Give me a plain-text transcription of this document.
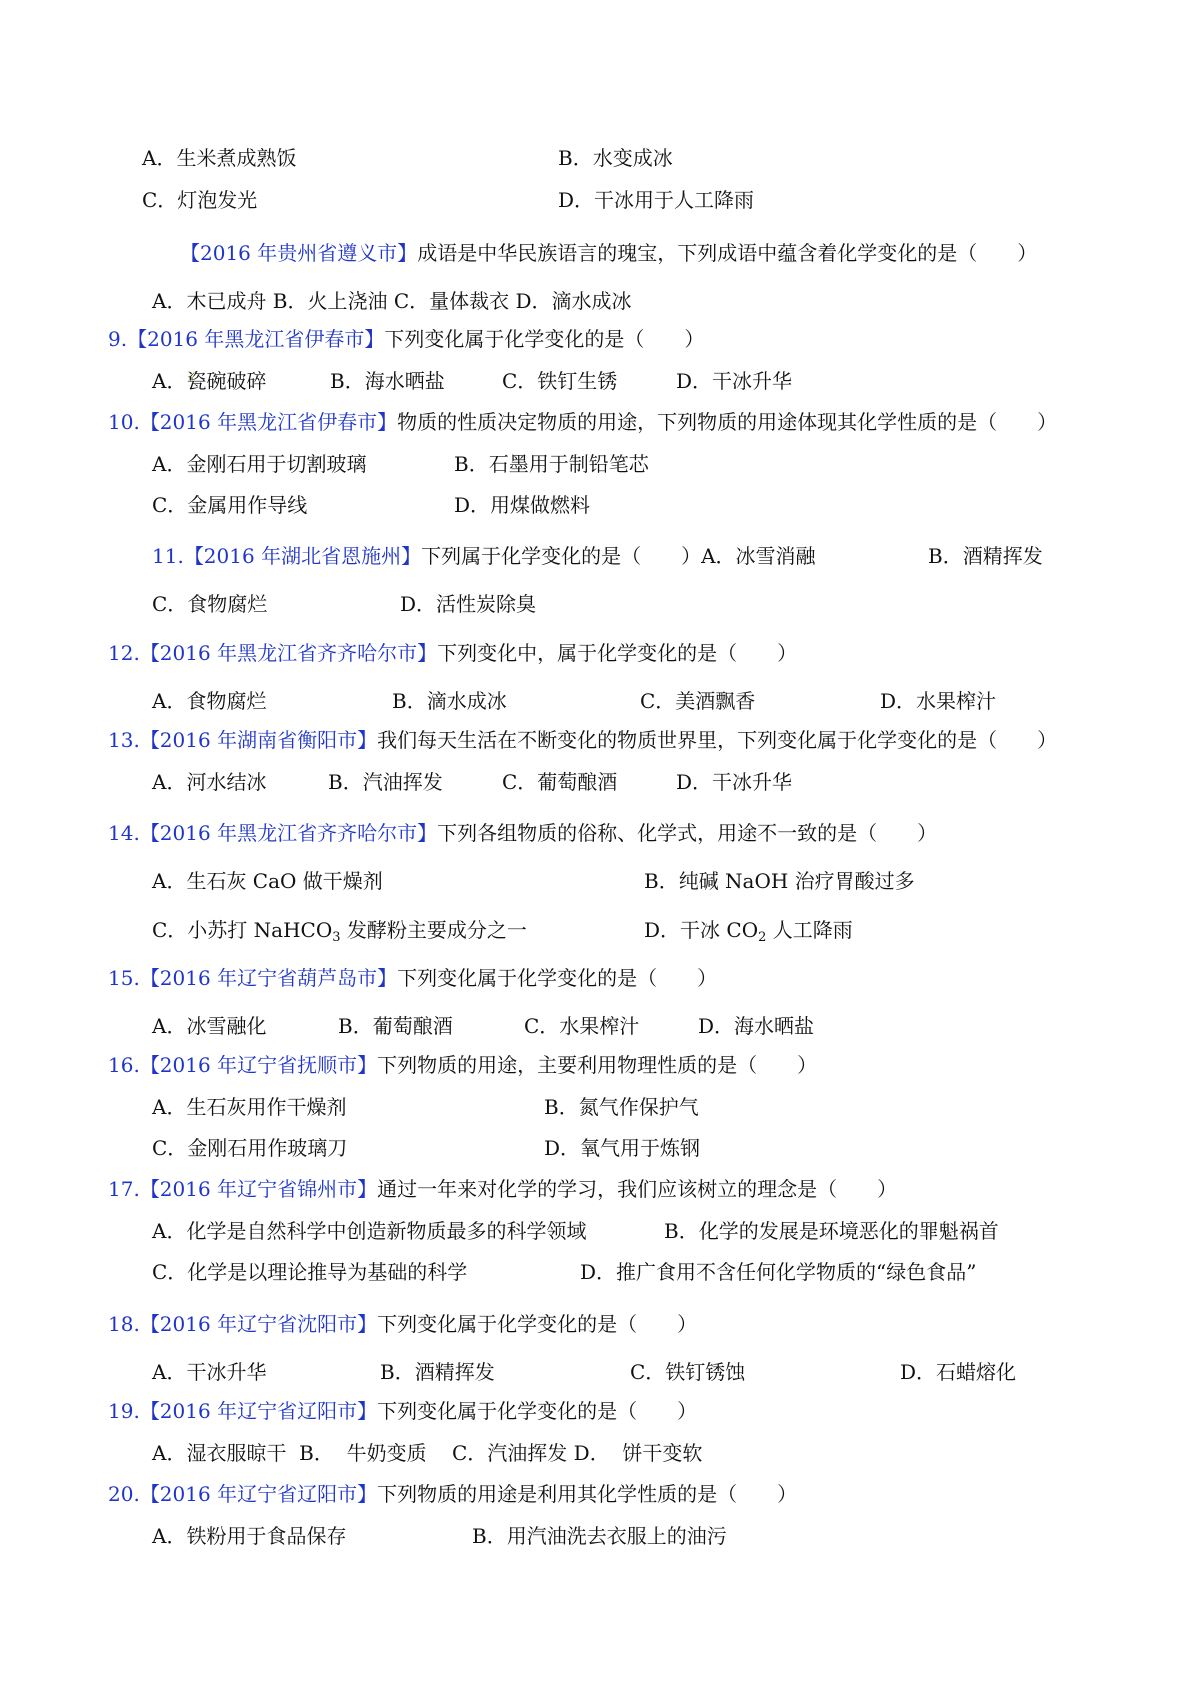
A．生米煮成熟饭	B．水变成冰
C．灯泡发光	D．干冰用于人工降雨
【2016 年贵州省遵义市】成语是中华民族语言的瑰宝，下列成语中蕴含着化学变化的是（　　）
A．木已成舟 B．火上浇油 C．量体裁衣 D．滴水成冰
9.【2016 年黑龙江省伊春市】下列变化属于化学变化的是（　　）
A．瓷碗破碎	B．海水晒盐	C．铁钉生锈	D．干冰升华
10.【2016 年黑龙江省伊春市】物质的性质决定物质的用途，下列物质的用途体现其化学性质的是（　　）
A．金刚石用于切割玻璃	B．石墨用于制铅笔芯
C．金属用作导线	D．用煤做燃料
11.【2016 年湖北省恩施州】下列属于化学变化的是（　　）A．冰雪消融	B．酒精挥发
C．食物腐烂	D．活性炭除臭
12.【2016 年黑龙江省齐齐哈尔市】下列变化中，属于化学变化的是（　　）
A．食物腐烂	B．滴水成冰	C．美酒飘香	D．水果榨汁
13.【2016 年湖南省衡阳市】我们每天生活在不断变化的物质世界里，下列变化属于化学变化的是（　　）
A．河水结冰	B．汽油挥发	C．葡萄酿酒	D．干冰升华
14.【2016 年黑龙江省齐齐哈尔市】下列各组物质的俗称、化学式，用途不一致的是（　　）
A．生石灰 CaO 做干燥剂	B．纯碱 NaOH 治疗胃酸过多
C．小苏打 NaHCO$_3$ 发酵粉主要成分之一	D．干冰 $CO_2$ 人工降雨
15.【2016 年辽宁省葫芦岛市】下列变化属于化学变化的是（　　）
A．冰雪融化	B．葡萄酿酒	C．水果榨汁	D．海水晒盐
16.【2016 年辽宁省抚顺市】下列物质的用途，主要利用物理性质的是（　　）
A．生石灰用作干燥剂	B．氮气作保护气
C．金刚石用作玻璃刀	D．氧气用于炼钢
17.【2016 年辽宁省锦州市】通过一年来对化学的学习，我们应该树立的理念是（　　）
A．化学是自然科学中创造新物质最多的科学领域	B．化学的发展是环境恶化的罪魁祸首
C．化学是以理论推导为基础的科学	D．推广食用不含任何化学物质的“绿色食品”
18.【2016 年辽宁省沈阳市】下列变化属于化学变化的是（　　）
A．干冰升华	B．酒精挥发	C．铁钉锈蚀	D．石蜡熔化
19.【2016 年辽宁省辽阳市】下列变化属于化学变化的是（　　）
A．湿衣服晾干  B．  牛奶变质    C．汽油挥发 D．  饼干变软
20.【2016 年辽宁省辽阳市】下列物质的用途是利用其化学性质的是（　　）
A．铁粉用于食品保存	B．用汽油洗去衣服上的油污
